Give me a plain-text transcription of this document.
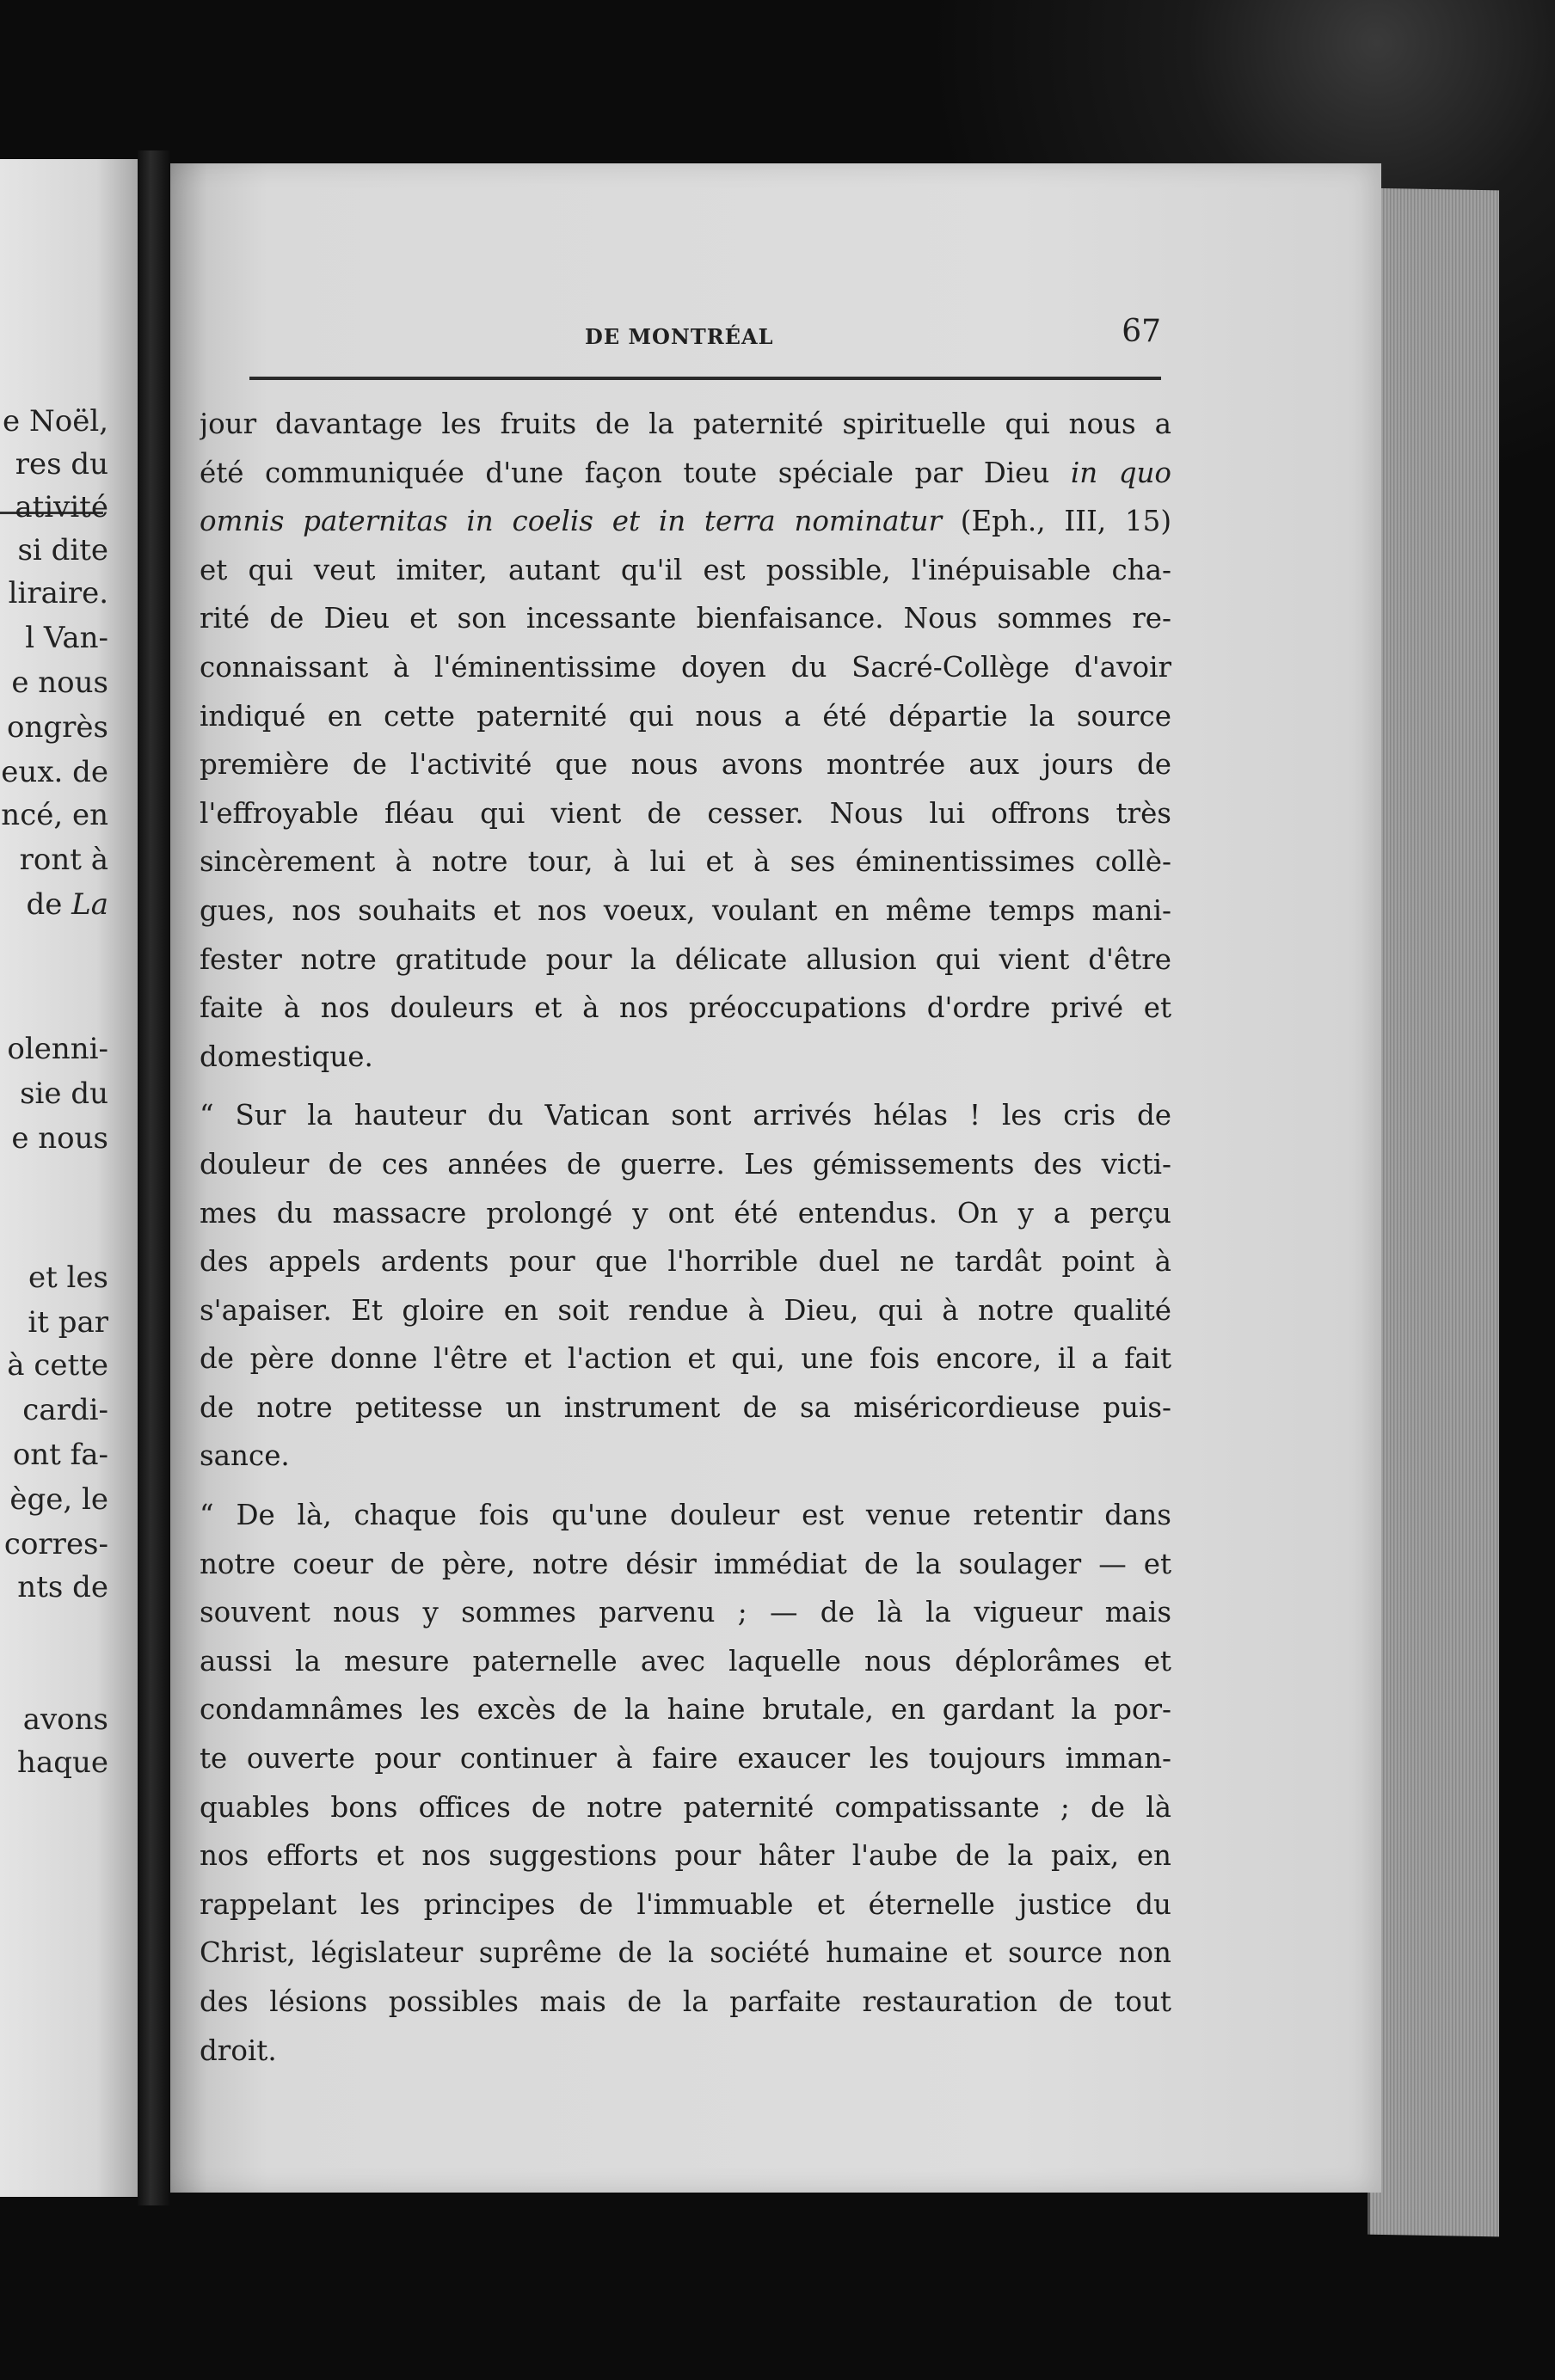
e Noël,
res du
ativité
si dite
liraire.
l Van-
e nous
ongrès
eux. de
ncé, en
ront à
de La
olenni-
sie du
e nous
et les
it par
à cette
cardi-
ont fa-
ège, le
corres-
nts de
avons
haque
DE MONTRÉAL	67
jour davantage les fruits de la paternité spirituelle qui nous a
été communiquée d'une façon toute spéciale par Dieu in quo
omnis paternitas in coelis et in terra nominatur (Eph., III, 15)
et qui veut imiter, autant qu'il est possible, l'inépuisable cha-
rité de Dieu et son incessante bienfaisance. Nous sommes re-
connaissant à l'éminentissime doyen du Sacré-Collège d'avoir
indiqué en cette paternité qui nous a été départie la source
première de l'activité que nous avons montrée aux jours de
l'effroyable fléau qui vient de cesser. Nous lui offrons très
sincèrement à notre tour, à lui et à ses éminentissimes collè-
gues, nos souhaits et nos voeux, voulant en même temps mani-
fester notre gratitude pour la délicate allusion qui vient d'être
faite à nos douleurs et à nos préoccupations d'ordre privé et
domestique.
“ Sur la hauteur du Vatican sont arrivés hélas ! les cris de
douleur de ces années de guerre. Les gémissements des victi-
mes du massacre prolongé y ont été entendus. On y a perçu
des appels ardents pour que l'horrible duel ne tardât point à
s'apaiser. Et gloire en soit rendue à Dieu, qui à notre qualité
de père donne l'être et l'action et qui, une fois encore, il a fait
de notre petitesse un instrument de sa miséricordieuse puis-
sance.
“ De là, chaque fois qu'une douleur est venue retentir dans
notre coeur de père, notre désir immédiat de la soulager — et
souvent nous y sommes parvenu ; — de là la vigueur mais
aussi la mesure paternelle avec laquelle nous déplorâmes et
condamnâmes les excès de la haine brutale, en gardant la por-
te ouverte pour continuer à faire exaucer les toujours imman-
quables bons offices de notre paternité compatissante ; de là
nos efforts et nos suggestions pour hâter l'aube de la paix, en
rappelant les principes de l'immuable et éternelle justice du
Christ, législateur suprême de la société humaine et source non
des lésions possibles mais de la parfaite restauration de tout
droit.
